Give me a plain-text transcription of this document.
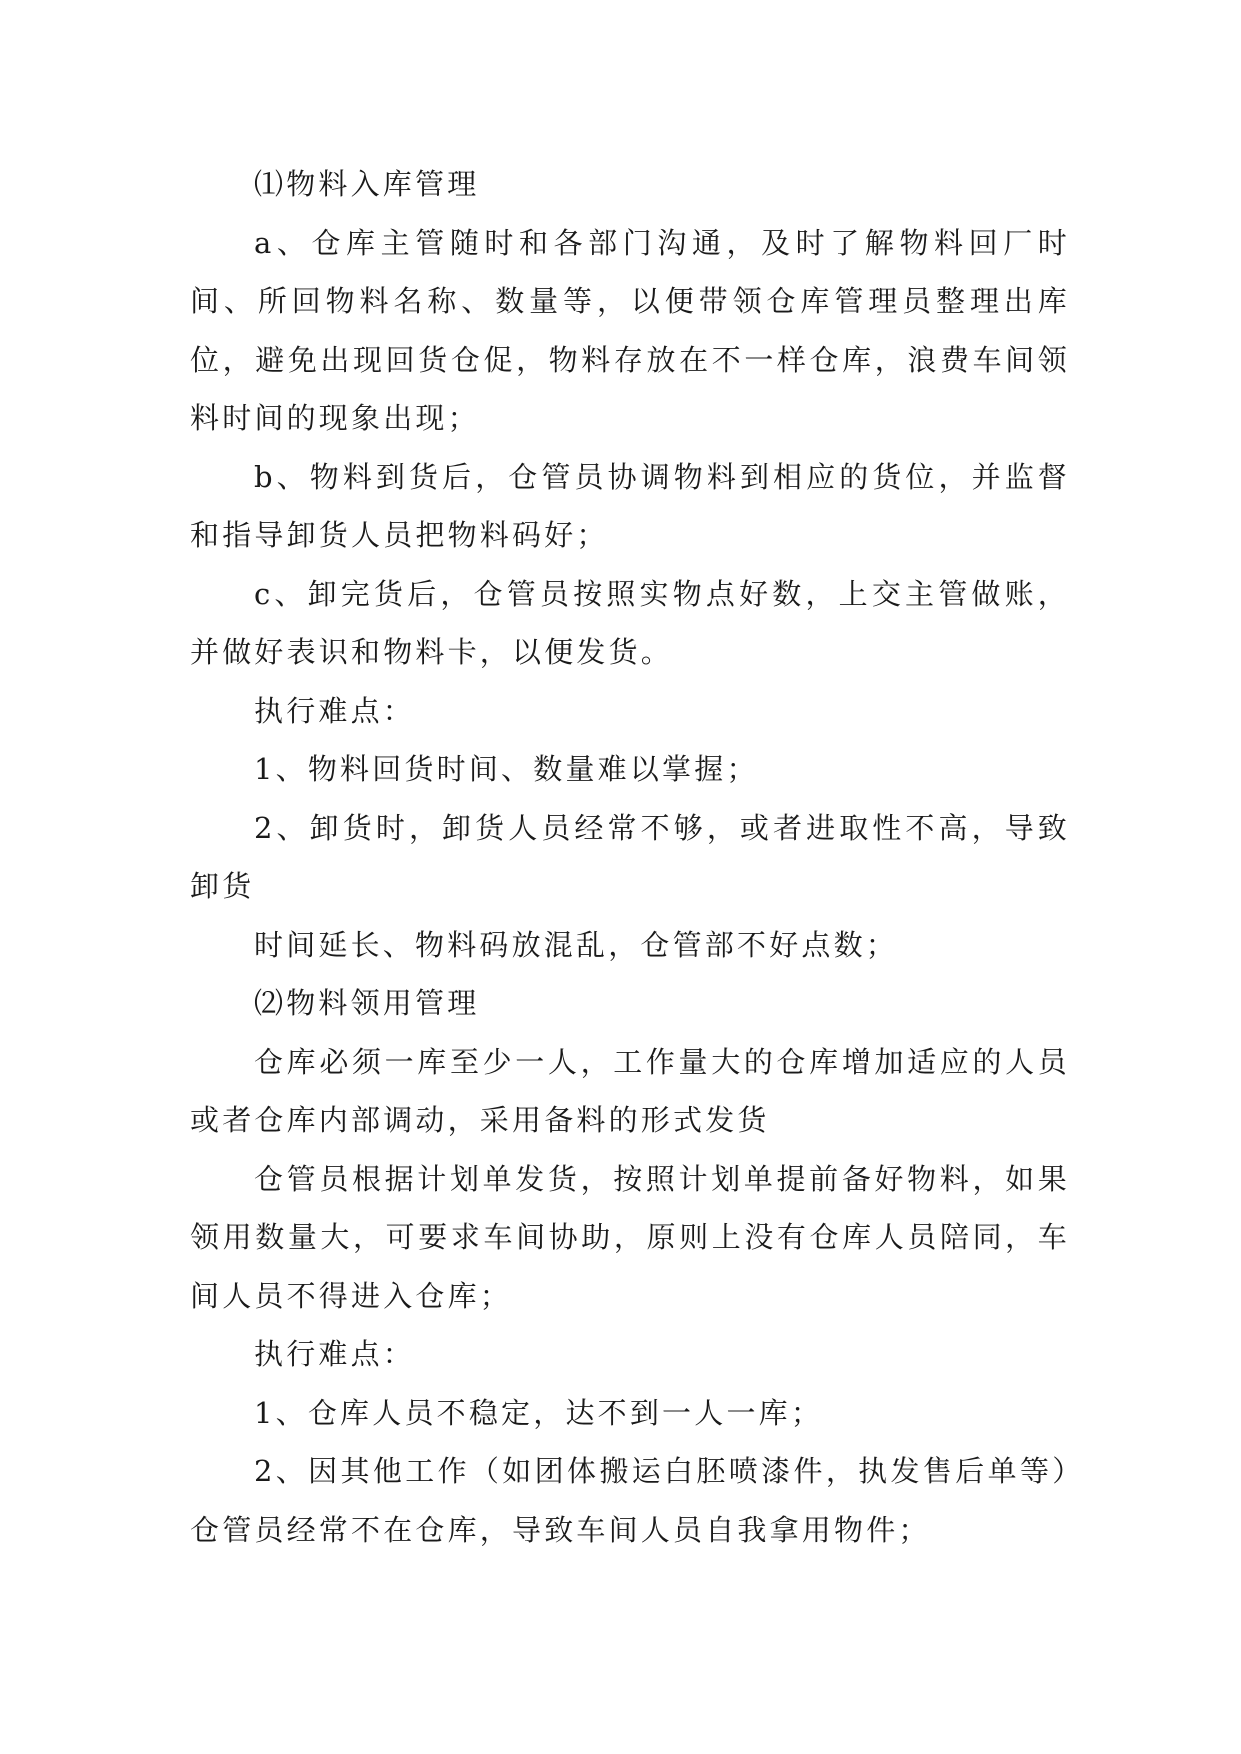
⑴物料入库管理

a、仓库主管随时和各部门沟通，及时了解物料回厂时间、所回物料名称、数量等，以便带领仓库管理员整理出库位，避免出现回货仓促，物料存放在不一样仓库，浪费车间领料时间的现象出现；

b、物料到货后，仓管员协调物料到相应的货位，并监督和指导卸货人员把物料码好；

c、卸完货后，仓管员按照实物点好数，上交主管做账，并做好表识和物料卡，以便发货。

执行难点：

1、物料回货时间、数量难以掌握；

2、卸货时，卸货人员经常不够，或者进取性不高，导致卸货

时间延长、物料码放混乱，仓管部不好点数；

⑵物料领用管理

仓库必须一库至少一人，工作量大的仓库增加适应的人员或者仓库内部调动，采用备料的形式发货

仓管员根据计划单发货，按照计划单提前备好物料，如果领用数量大，可要求车间协助，原则上没有仓库人员陪同，车间人员不得进入仓库；

执行难点：

1、仓库人员不稳定，达不到一人一库；

2、因其他工作（如团体搬运白胚喷漆件，执发售后单等）仓管员经常不在仓库，导致车间人员自我拿用物件；
